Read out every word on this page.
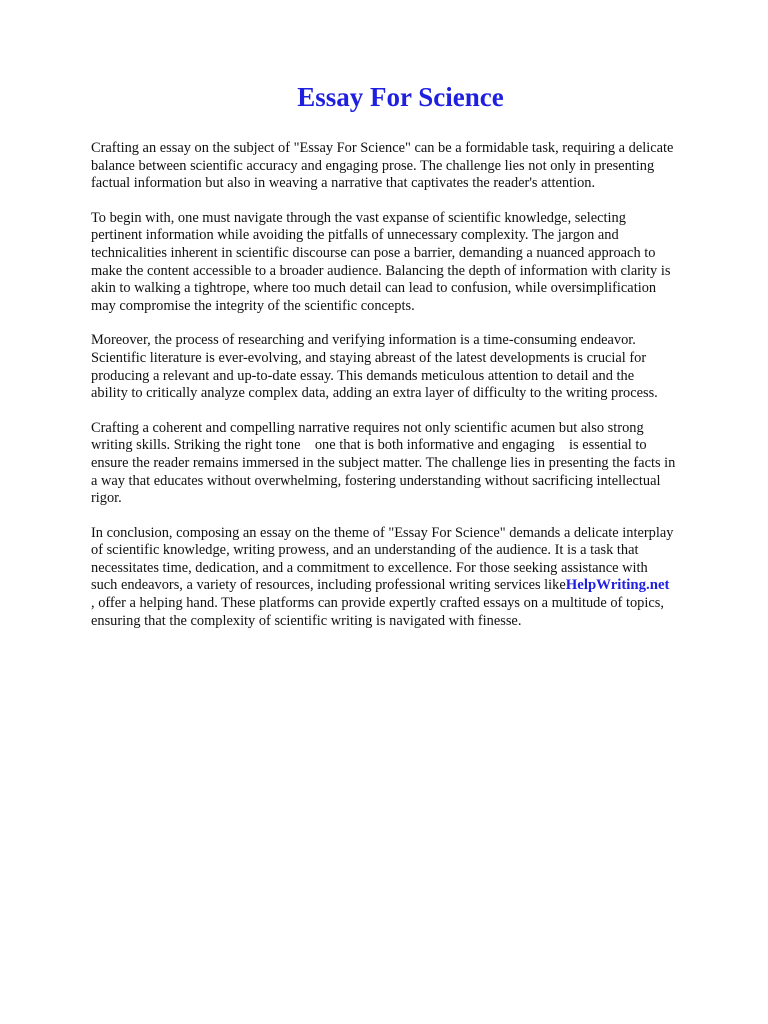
Essay For Science

Crafting an essay on the subject of "Essay For Science" can be a formidable task, requiring a delicate
balance between scientific accuracy and engaging prose. The challenge lies not only in presenting
factual information but also in weaving a narrative that captivates the reader's attention.

To begin with, one must navigate through the vast expanse of scientific knowledge, selecting
pertinent information while avoiding the pitfalls of unnecessary complexity. The jargon and
technicalities inherent in scientific discourse can pose a barrier, demanding a nuanced approach to
make the content accessible to a broader audience. Balancing the depth of information with clarity is
akin to walking a tightrope, where too much detail can lead to confusion, while oversimplification
may compromise the integrity of the scientific concepts.

Moreover, the process of researching and verifying information is a time-consuming endeavor.
Scientific literature is ever-evolving, and staying abreast of the latest developments is crucial for
producing a relevant and up-to-date essay. This demands meticulous attention to detail and the
ability to critically analyze complex data, adding an extra layer of difficulty to the writing process.

Crafting a coherent and compelling narrative requires not only scientific acumen but also strong
writing skills. Striking the right tone    one that is both informative and engaging    is essential to
ensure the reader remains immersed in the subject matter. The challenge lies in presenting the facts in
a way that educates without overwhelming, fostering understanding without sacrificing intellectual
rigor.

In conclusion, composing an essay on the theme of "Essay For Science" demands a delicate interplay
of scientific knowledge, writing prowess, and an understanding of the audience. It is a task that
necessitates time, dedication, and a commitment to excellence. For those seeking assistance with
such endeavors, a variety of resources, including professional writing services likeHelpWriting.net
, offer a helping hand. These platforms can provide expertly crafted essays on a multitude of topics,
ensuring that the complexity of scientific writing is navigated with finesse.
